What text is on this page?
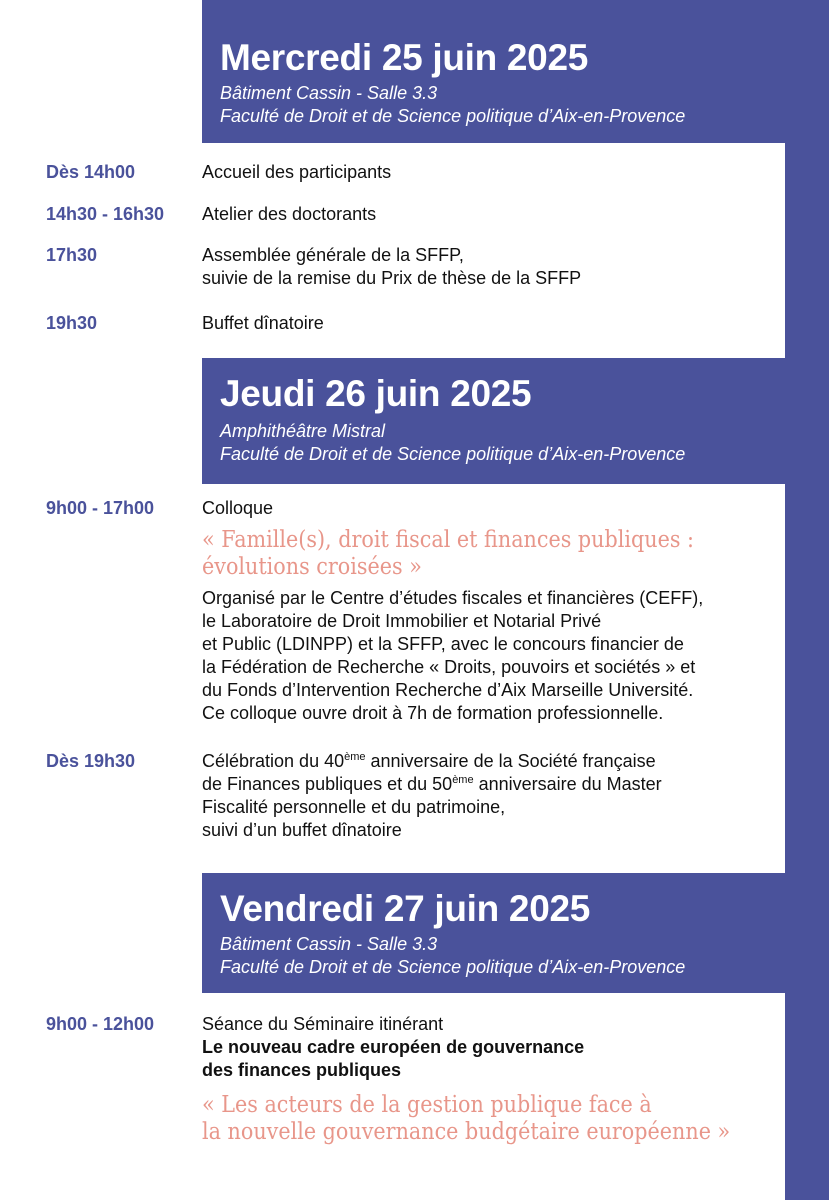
Mercredi 25 juin 2025
Bâtiment Cassin - Salle 3.3
Faculté de Droit et de Science politique d’Aix-en-Provence
Dès 14h00	Accueil des participants
14h30 - 16h30 Atelier des doctorants
17h30	Assemblée générale de la SFFP,
suivie de la remise du Prix de thèse de la SFFP
19h30	Buffet dînatoire
Jeudi 26 juin 2025
Amphithéâtre Mistral
Faculté de Droit et de Science politique d’Aix-en-Provence
9h00 - 17h00	Colloque
« Famille(s), droit fiscal et finances publiques :
évolutions croisées »
Organisé par le Centre d’études fiscales et financières (CEFF),
le Laboratoire de Droit Immobilier et Notarial Privé
et Public (LDINPP) et la SFFP, avec le concours financier de
la Fédération de Recherche « Droits, pouvoirs et sociétés » et
du Fonds d’Intervention Recherche d’Aix Marseille Université.
Ce colloque ouvre droit à 7h de formation professionnelle.
Dès 19h30	Célébration du 40ème anniversaire de la Société française
de Finances publiques et du 50ème anniversaire du Master
Fiscalité personnelle et du patrimoine,
suivi d’un buffet dînatoire
Vendredi 27 juin 2025
Bâtiment Cassin - Salle 3.3
Faculté de Droit et de Science politique d’Aix-en-Provence
9h00 - 12h00	Séance du Séminaire itinérant
Le nouveau cadre européen de gouvernance
des finances publiques
« Les acteurs de la gestion publique face à
la nouvelle gouvernance budgétaire européenne »
